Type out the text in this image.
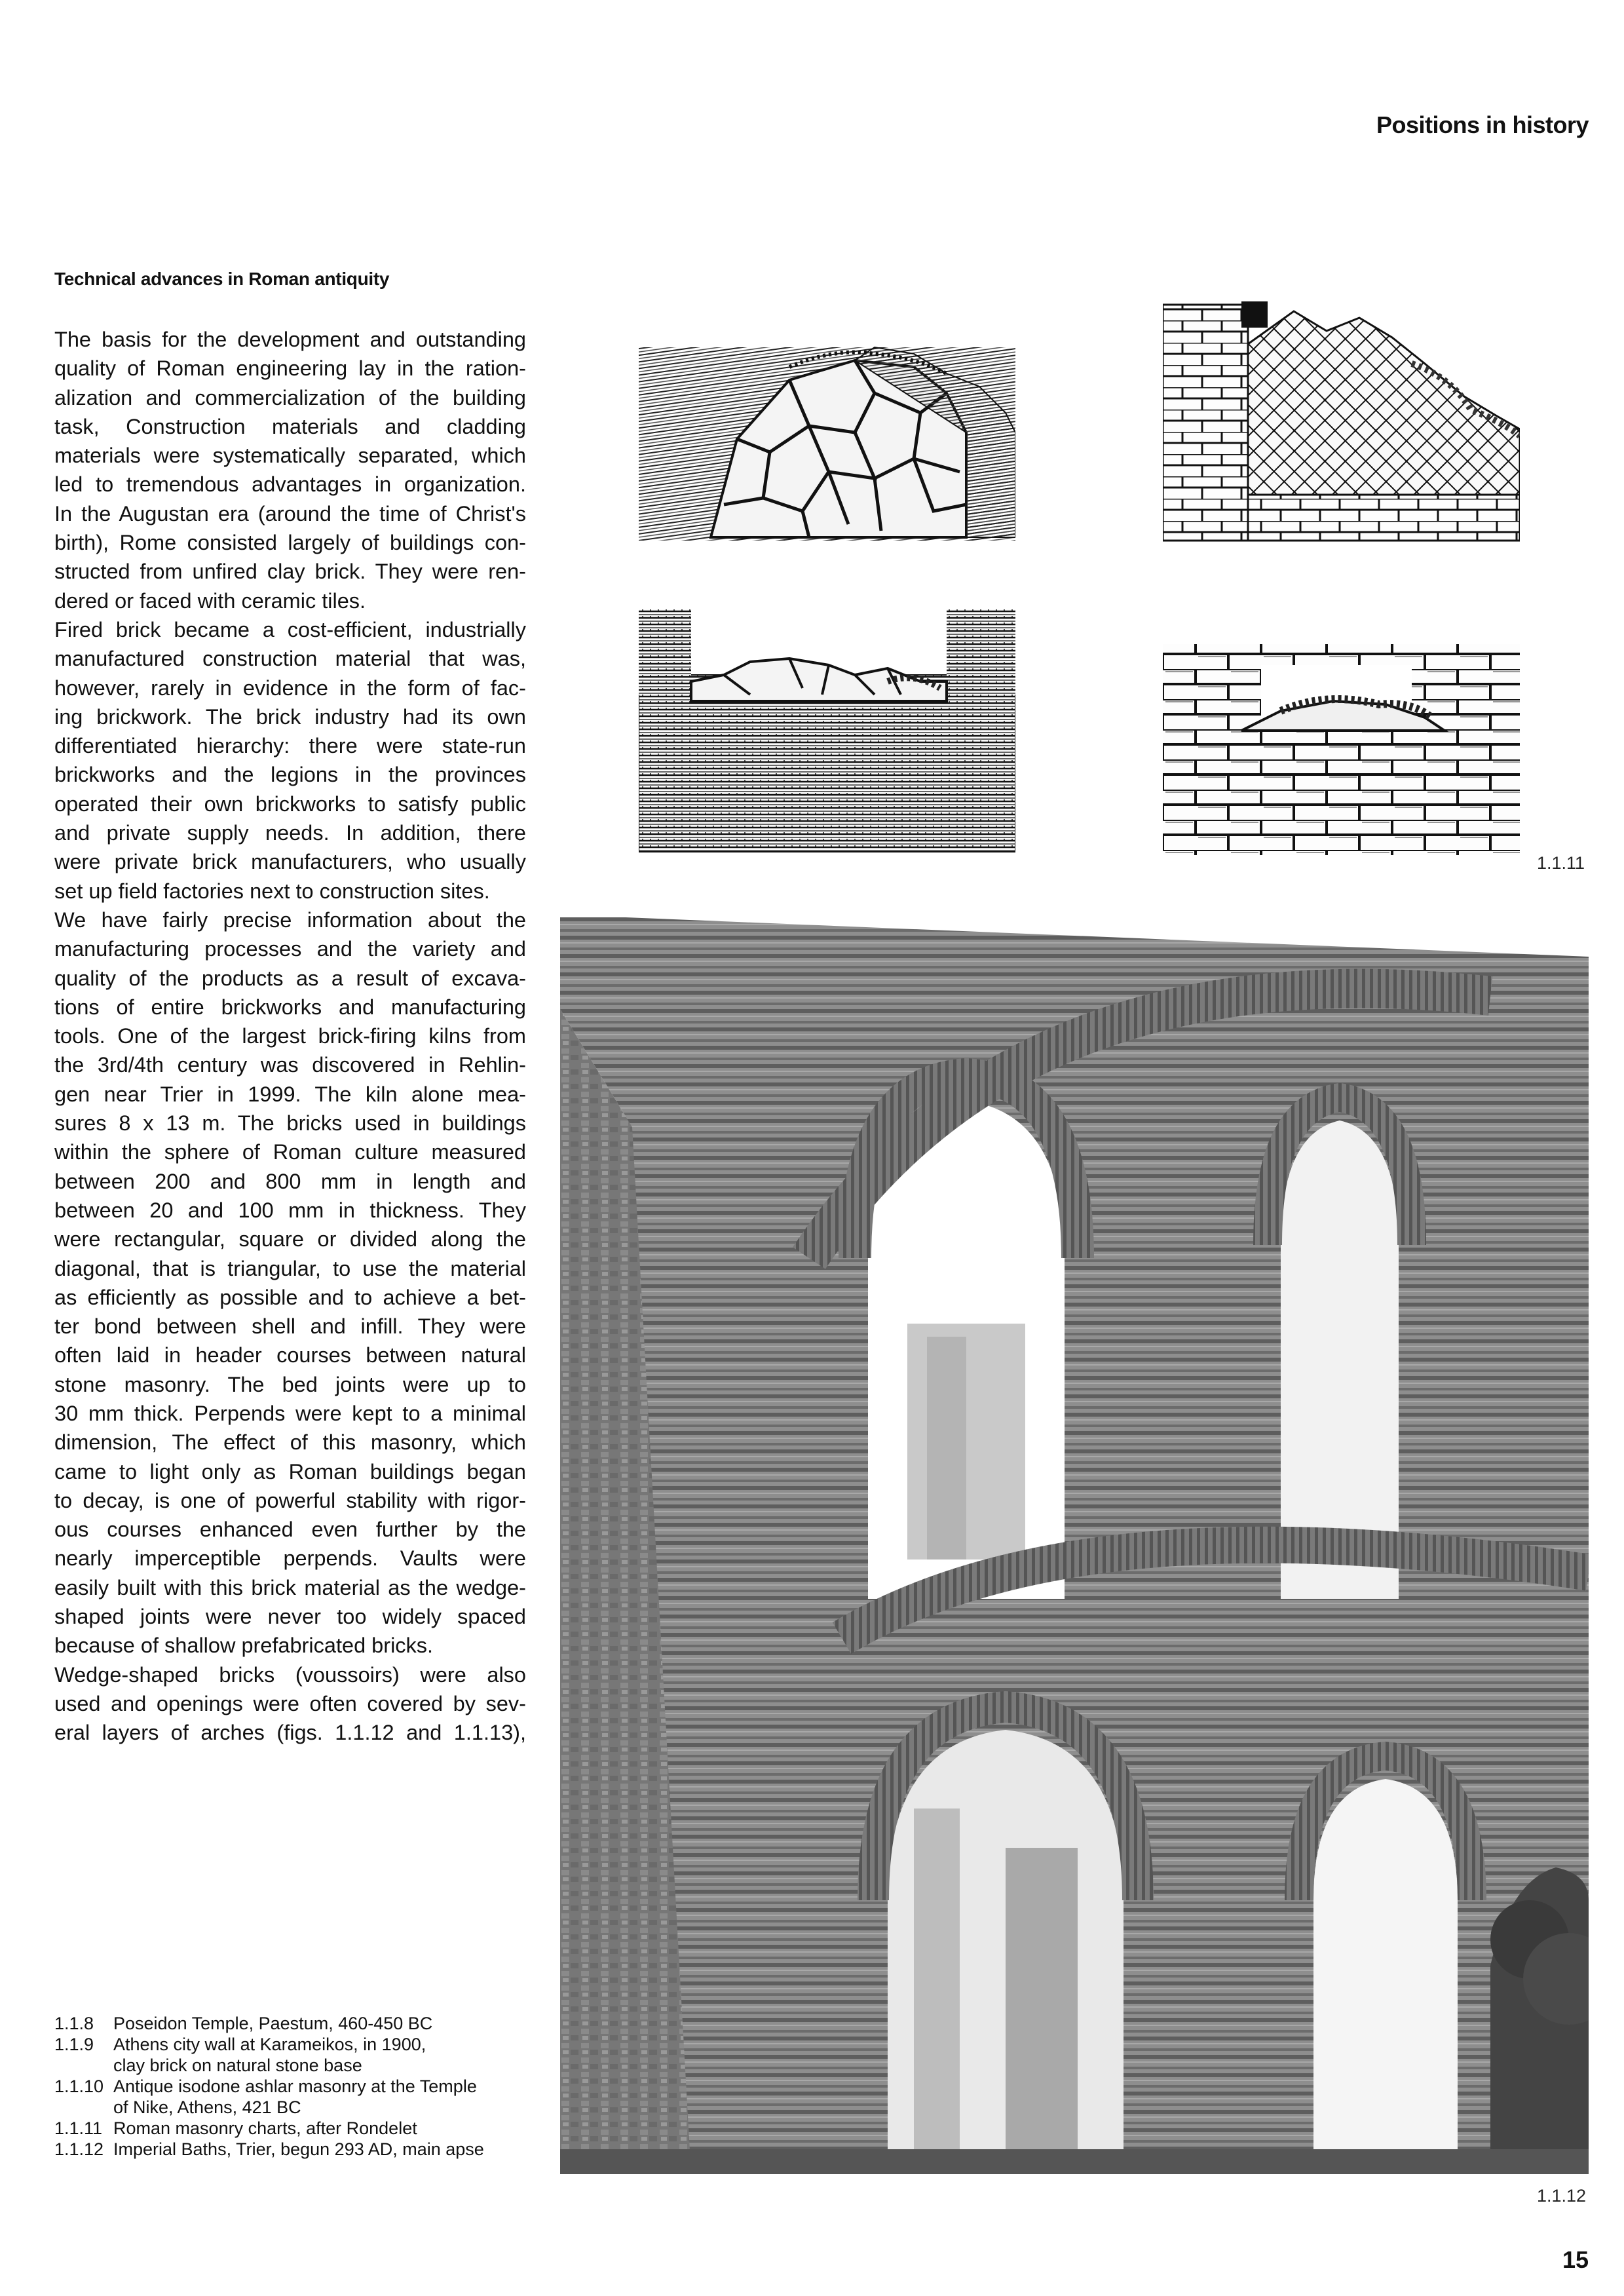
Positions in history
Technical advances in Roman antiquity
The basis for the development and outstanding
quality of Roman engineering lay in the ration-
alization and commercialization of the building
task, Construction materials and cladding
materials were systematically separated, which
led to tremendous advantages in organization.
In the Augustan era (around the time of Christ's
birth), Rome consisted largely of buildings con-
structed from unfired clay brick. They were ren-
dered or faced with ceramic tiles.
Fired brick became a cost-efficient, industrially
manufactured construction material that was,
however, rarely in evidence in the form of fac-
ing brickwork. The brick industry had its own
differentiated hierarchy: there were state-run
brickworks and the legions in the provinces
operated their own brickworks to satisfy public
and private supply needs. In addition, there
were private brick manufacturers, who usually
set up field factories next to construction sites.
We have fairly precise information about the
manufacturing processes and the variety and
quality of the products as a result of excava-
tions of entire brickworks and manufacturing
tools. One of the largest brick-firing kilns from
the 3rd/4th century was discovered in Rehlin-
gen near Trier in 1999. The kiln alone mea-
sures 8 x 13 m. The bricks used in buildings
within the sphere of Roman culture measured
between 200 and 800 mm in length and
between 20 and 100 mm in thickness. They
were rectangular, square or divided along the
diagonal, that is triangular, to use the material
as efficiently as possible and to achieve a bet-
ter bond between shell and infill. They were
often laid in header courses between natural
stone masonry. The bed joints were up to
30 mm thick. Perpends were kept to a minimal
dimension, The effect of this masonry, which
came to light only as Roman buildings began
to decay, is one of powerful stability with rigor-
ous courses enhanced even further by the
nearly imperceptible perpends. Vaults were
easily built with this brick material as the wedge-
shaped joints were never too widely spaced
because of shallow prefabricated bricks.
Wedge-shaped bricks (voussoirs) were also
used and openings were often covered by sev-
eral layers of arches (figs. 1.1.12 and 1.1.13),
1.1.11
1.1.12
1.1.8	Poseidon Temple, Paestum, 460-450 BC
1.1.9	Athens city wall at Karameikos, in 1900,
clay brick on natural stone base
1.1.10 Antique isodone ashlar masonry at the Temple
of Nike, Athens, 421 BC
1.1.11 Roman masonry charts, after Rondelet
1.1.12 Imperial Baths, Trier, begun 293 AD, main apse
15
